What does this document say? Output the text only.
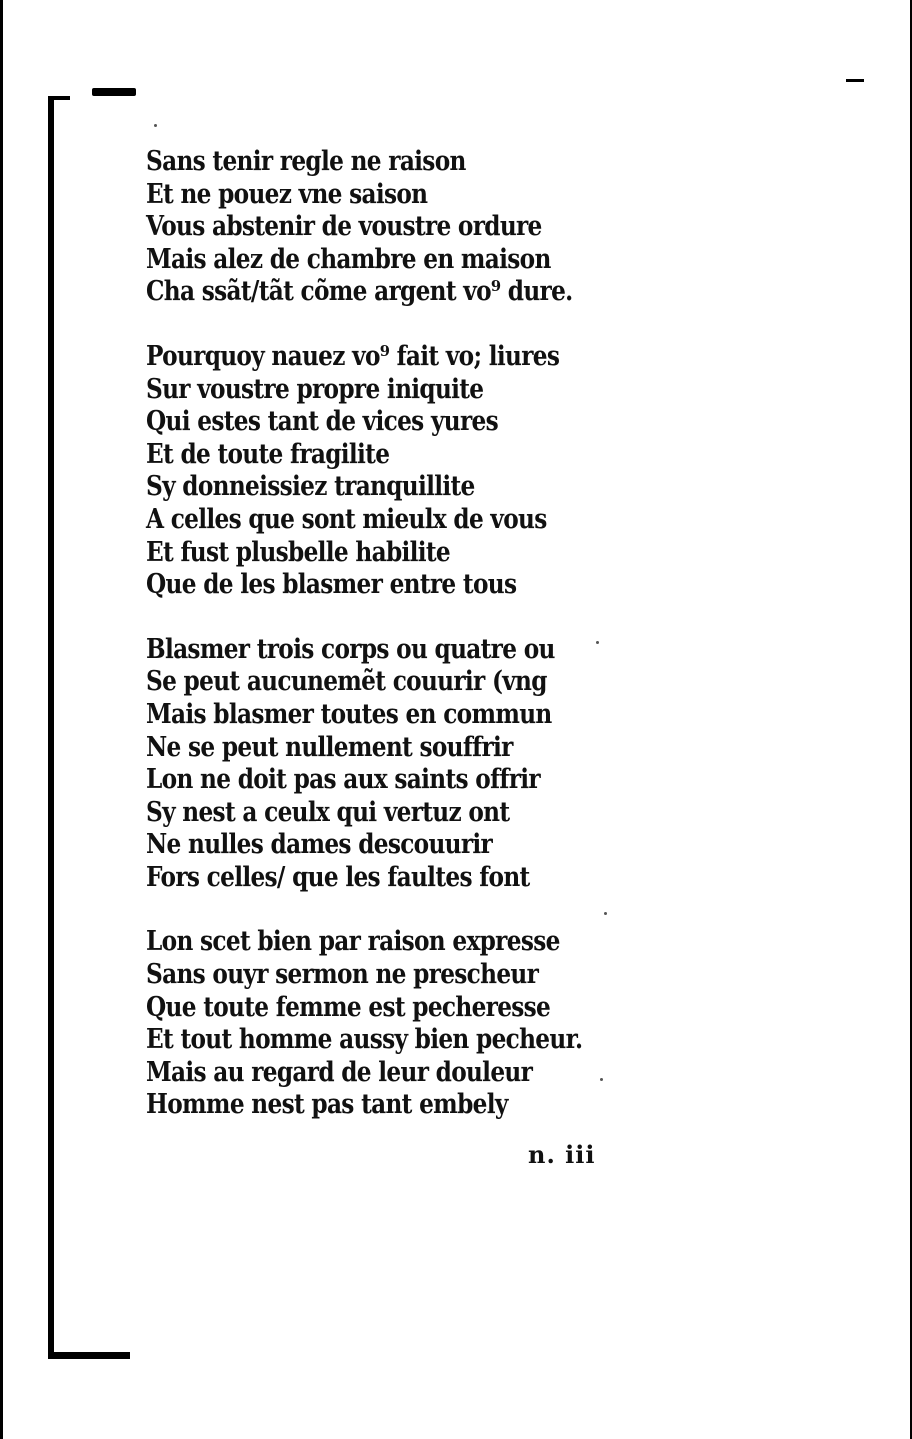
Sans tenir regle ne raison
Et ne pouez vne saison
Vous abstenir de voustre ordure
Mais alez de chambre en maison
Cha ssãt/tãt cõme argent vo⁹ dure.
Pourquoy nauez vo⁹ fait vo; liures
Sur voustre propre iniquite
Qui estes tant de vices yures
Et de toute fragilite
Sy donneissiez tranquillite
A celles que sont mieulx de vous
Et fust plusbelle habilite
Que de les blasmer entre tous
Blasmer trois corps ou quatre ou
Se peut aucunemẽt couurir (vng
Mais blasmer toutes en commun
Ne se peut nullement souffrir
Lon ne doit pas aux saints offrir
Sy nest a ceulx qui vertuz ont
Ne nulles dames descouurir
Fors celles/ que les faultes font
Lon scet bien par raison expresse
Sans ouyr sermon ne prescheur
Que toute femme est pecheresse
Et tout homme aussy bien pecheur.
Mais au regard de leur douleur
Homme nest pas tant embely
n. iii
